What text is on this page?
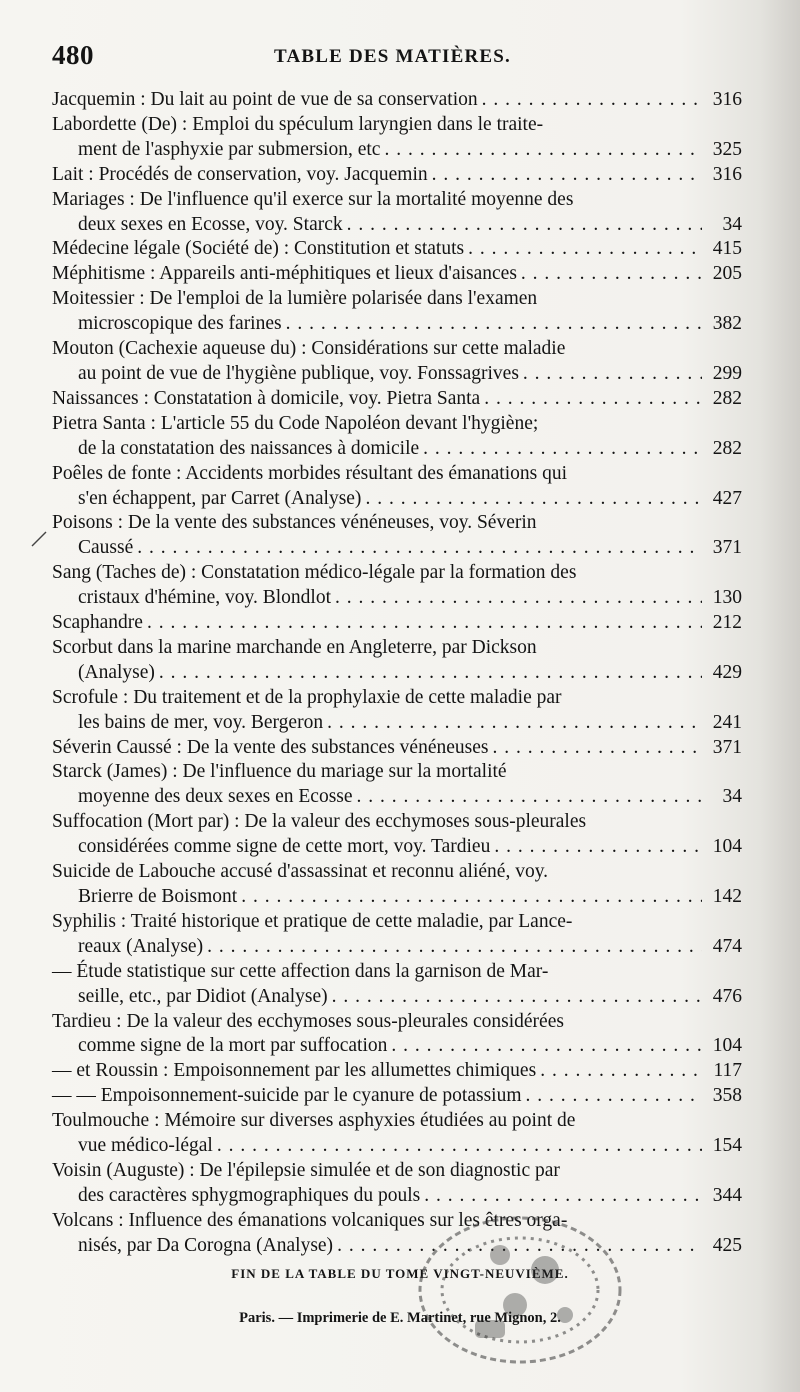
480	TABLE DES MATIÈRES.
Jacquemin : Du lait au point de vue de sa conservation . . .	316
Labordette (De) : Emploi du spéculum laryngien dans le traite-
ment de l'asphyxie par submersion, etc . . .	325
Lait : Procédés de conservation, voy. Jacquemin . . .	316
Mariages : De l'influence qu'il exerce sur la mortalité moyenne des
deux sexes en Ecosse, voy. Starck . . .	34
Médecine légale (Société de) : Constitution et statuts . . .	415
Méphitisme : Appareils anti-méphitiques et lieux d'aisances . . .	205
Moitessier : De l'emploi de la lumière polarisée dans l'examen
microscopique des farines . . .	382
Mouton (Cachexie aqueuse du) : Considérations sur cette maladie
au point de vue de l'hygiène publique, voy. Fonssagrives . . .	299
Naissances : Constatation à domicile, voy. Pietra Santa . . .	282
Pietra Santa : L'article 55 du Code Napoléon devant l'hygiène;
de la constatation des naissances à domicile . . .	282
Poêles de fonte : Accidents morbides résultant des émanations qui
s'en échappent, par Carret (Analyse) . . .	427
Poisons : De la vente des substances vénéneuses, voy. Séverin
Caussé . . .	371
Sang (Taches de) : Constatation médico-légale par la formation des
cristaux d'hémine, voy. Blondlot . . .	130
Scaphandre . . .	212
Scorbut dans la marine marchande en Angleterre, par Dickson
(Analyse) . . .	429
Scrofule : Du traitement et de la prophylaxie de cette maladie par
les bains de mer, voy. Bergeron . . .	241
Séverin Caussé : De la vente des substances vénéneuses . . .	371
Starck (James) : De l'influence du mariage sur la mortalité
moyenne des deux sexes en Ecosse . . .	34
Suffocation (Mort par) : De la valeur des ecchymoses sous-pleurales
considérées comme signe de cette mort, voy. Tardieu . . .	104
Suicide de Labouche accusé d'assassinat et reconnu aliéné, voy.
Brierre de Boismont . . .	142
Syphilis : Traité historique et pratique de cette maladie, par Lance-
reaux (Analyse) . . .	474
— Étude statistique sur cette affection dans la garnison de Mar-
seille, etc., par Didiot (Analyse) . . .	476
Tardieu : De la valeur des ecchymoses sous-pleurales considérées
comme signe de la mort par suffocation . . .	104
— et Roussin : Empoisonnement par les allumettes chimiques . . .	117
— — Empoisonnement-suicide par le cyanure de potassium . . .	358
Toulmouche : Mémoire sur diverses asphyxies étudiées au point de
vue médico-légal . . .	154
Voisin (Auguste) : De l'épilepsie simulée et de son diagnostic par
des caractères sphygmographiques du pouls . . .	344
Volcans : Influence des émanations volcaniques sur les êtres orga-
nisés, par Da Corogna (Analyse) . . .	425
FIN DE LA TABLE DU TOME VINGT-NEUVIÈME.
Paris. — Imprimerie de E. Martinet, rue Mignon, 2.
